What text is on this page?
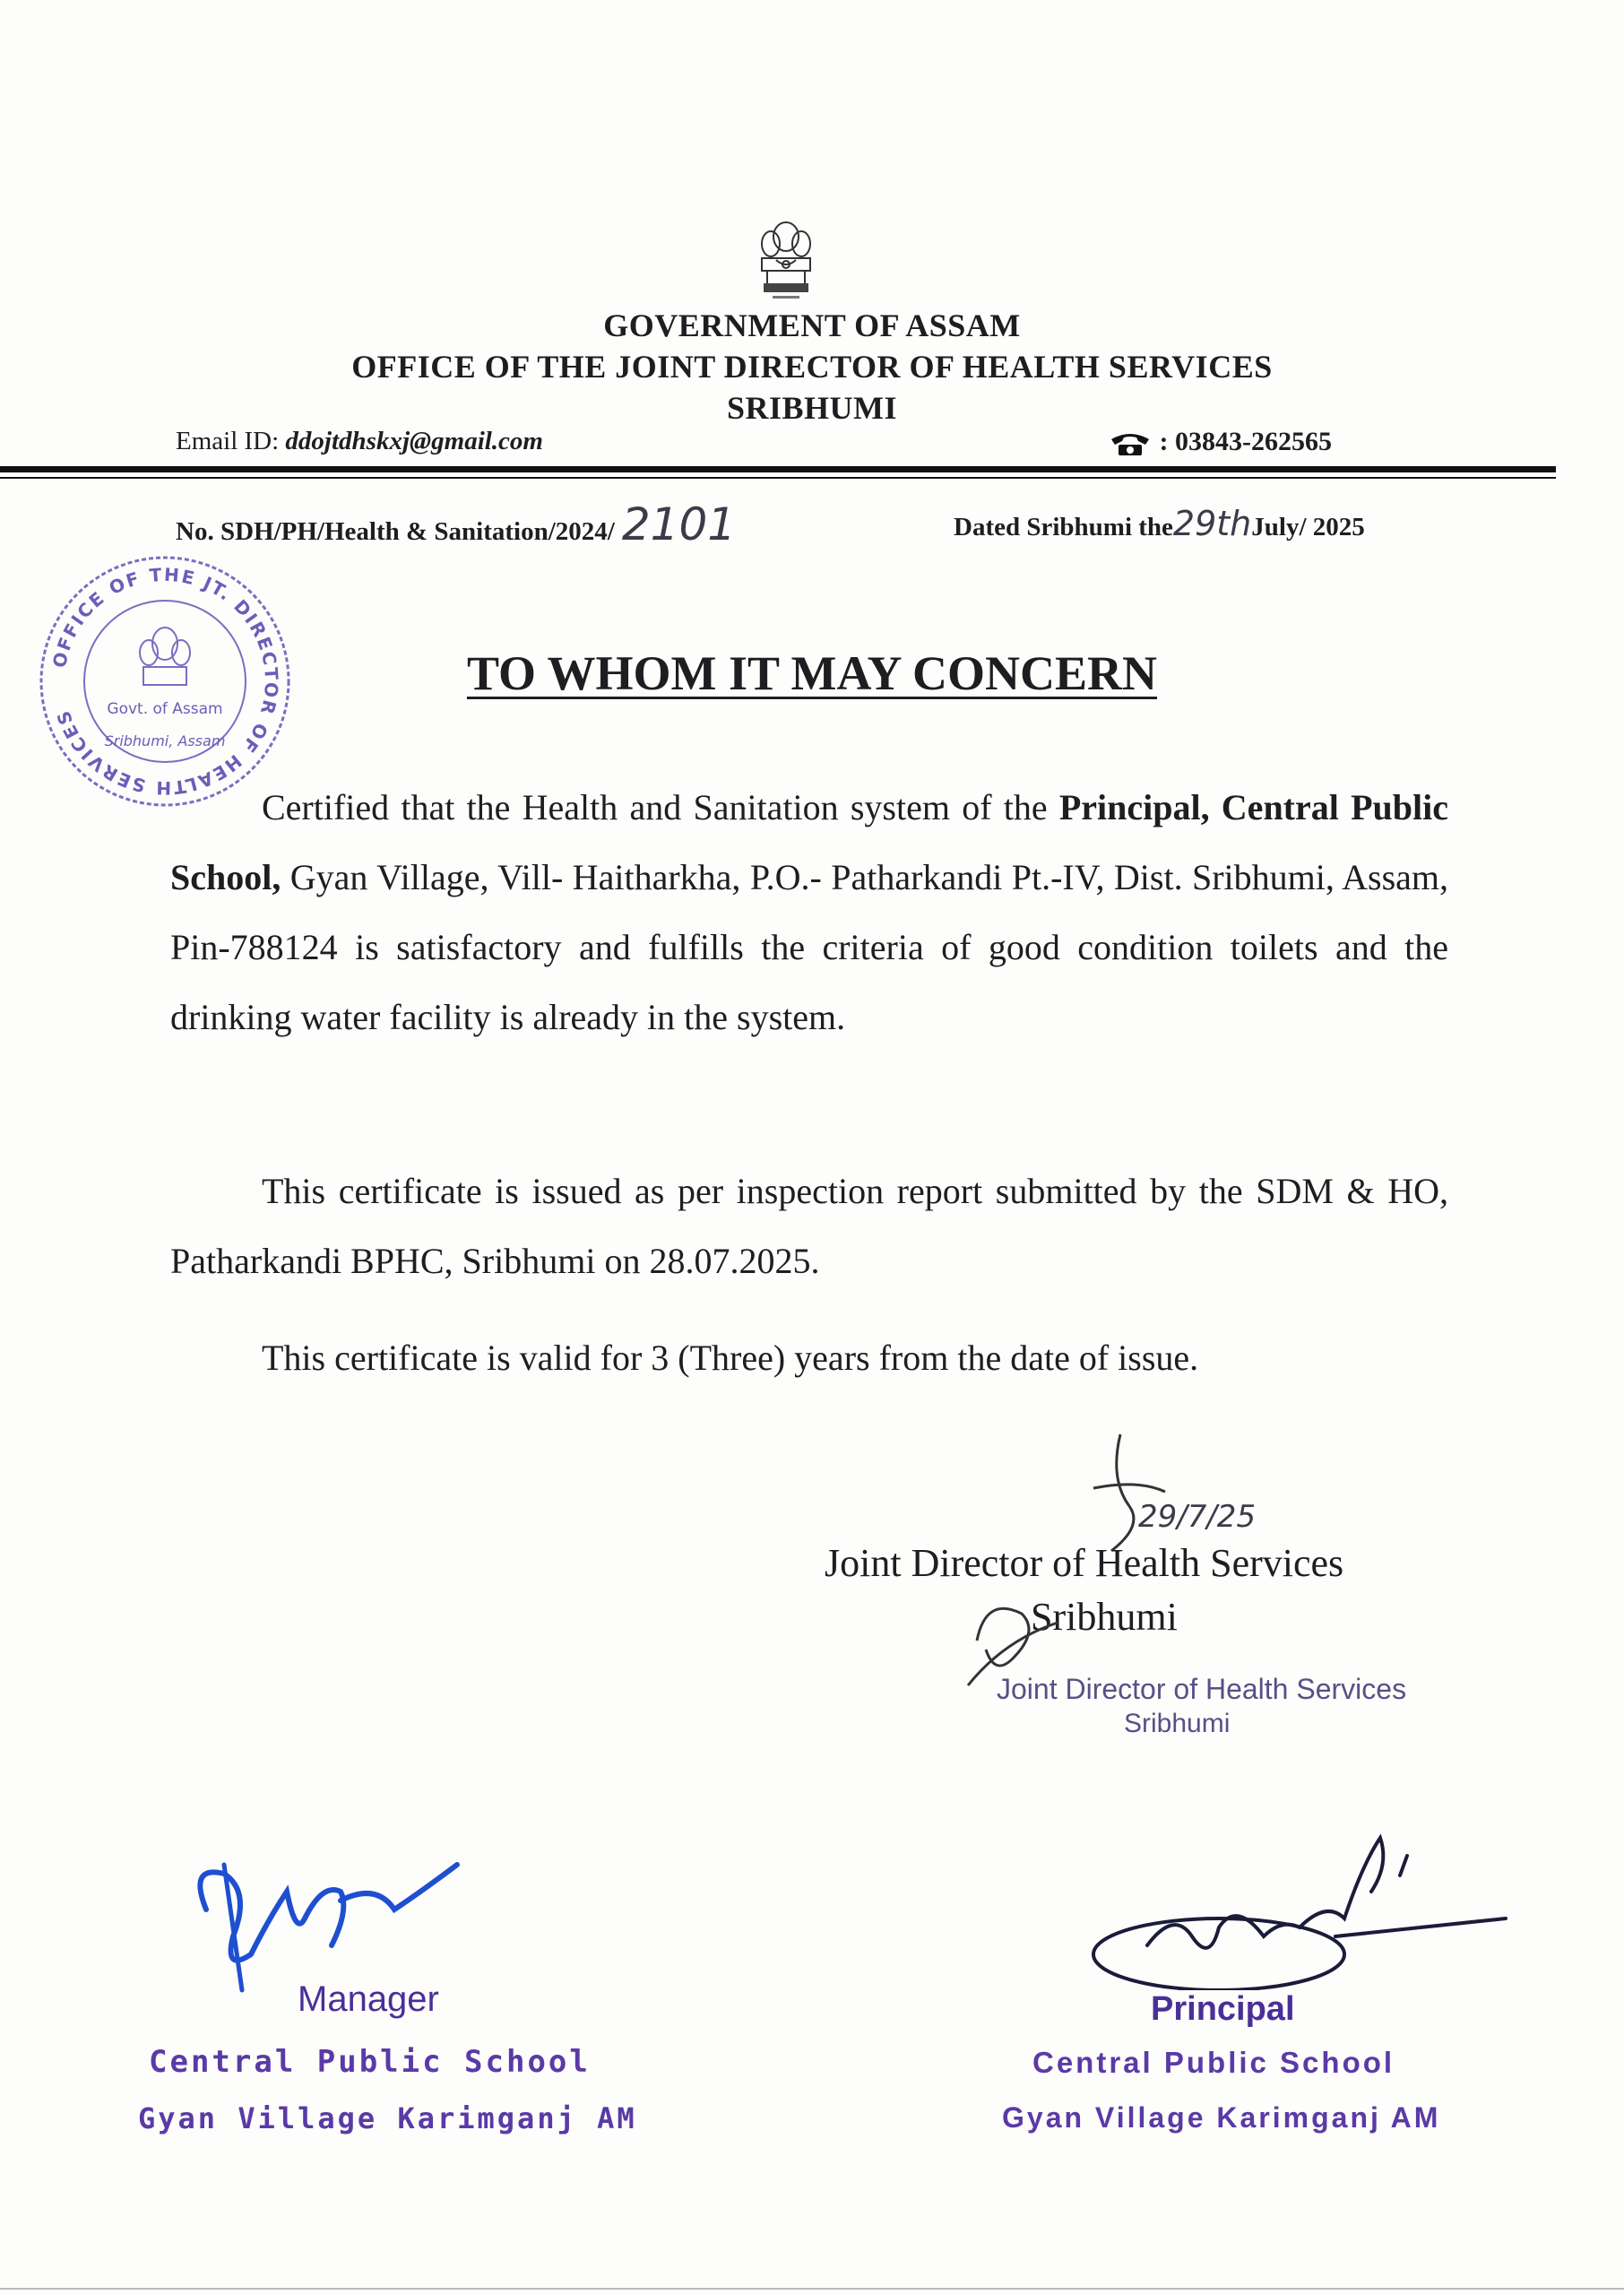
GOVERNMENT OF ASSAM
OFFICE OF THE JOINT DIRECTOR OF HEALTH SERVICES
SRIBHUMI
Email ID: ddojtdhskxj@gmail.com	: 03843-262565
No. SDH/PH/Health & Sanitation/2024/ 2101	Dated Sribhumi the29thJuly/ 2025
OFFICE OF THE JT. DIRECTOR OF HEALTH SERVICES	Govt. of Assam
Sribhumi, Assam
TO WHOM IT MAY CONCERN
Certified that the Health and Sanitation system of the Principal, Central Public School, Gyan Village, Vill- Haitharkha, P.O.- Patharkandi Pt.-IV, Dist. Sribhumi, Assam, Pin-788124 is satisfactory and fulfills the criteria of good condition toilets and the drinking water facility is already in the system.
This certificate is issued as per inspection report submitted by the SDM & HO, Patharkandi BPHC, Sribhumi on 28.07.2025.
This certificate is valid for 3 (Three) years from the date of issue.
29/7/25
Joint Director of Health Services
Sribhumi
Joint Director of Health Services
Sribhumi
Manager
Central Public School
Gyan Village Karimganj AM
Principal
Central Public School
Gyan Village Karimganj AM
